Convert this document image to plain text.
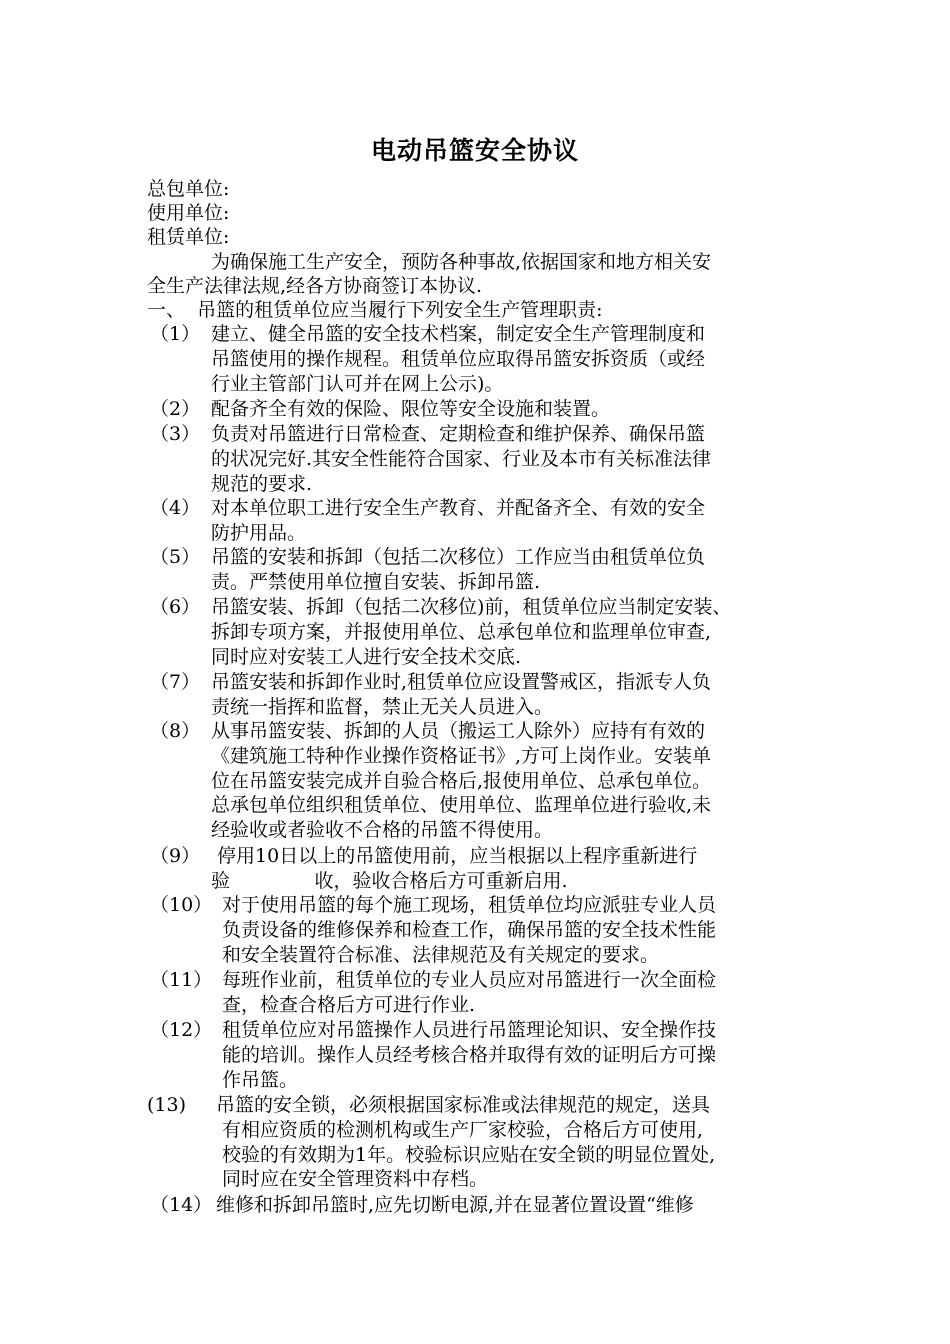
电动吊篮安全协议
总包单位:
使用单位:
租赁单位:
为确保施工生产安全，预防各种事故,依据国家和地方相关安
全生产法律法规,经各方协商签订本协议.
一、  吊篮的租赁单位应当履行下列安全生产管理职责:
（1） 建立、健全吊篮的安全技术档案，制定安全生产管理制度和
吊篮使用的操作规程。租赁单位应取得吊篮安拆资质（或经
行业主管部门认可并在网上公示)。
（2） 配备齐全有效的保险、限位等安全设施和装置。
（3） 负责对吊篮进行日常检查、定期检查和维护保养、确保吊篮
的状况完好.其安全性能符合国家、行业及本市有关标准法律
规范的要求.
（4） 对本单位职工进行安全生产教育、并配备齐全、有效的安全
防护用品。
（5） 吊篮的安装和拆卸（包括二次移位）工作应当由租赁单位负
责。严禁使用单位擅自安装、拆卸吊篮.
（6） 吊篮安装、拆卸（包括二次移位)前，租赁单位应当制定安装、
拆卸专项方案，并报使用单位、总承包单位和监理单位审查,
同时应对安装工人进行安全技术交底.
（7） 吊篮安装和拆卸作业时,租赁单位应设置警戒区，指派专人负
责统一指挥和监督，禁止无关人员进入。
（8） 从事吊篮安装、拆卸的人员（搬运工人除外）应持有有效的
《建筑施工特种作业操作资格证书》,方可上岗作业。安装单
位在吊篮安装完成并自验合格后,报使用单位、总承包单位。
总承包单位组织租赁单位、使用单位、监理单位进行验收,未
经验收或者验收不合格的吊篮不得使用。
（9） 停用10日以上的吊篮使用前，应当根据以上程序重新进行
验              收，验收合格后方可重新启用.
（10） 对于使用吊篮的每个施工现场，租赁单位均应派驻专业人员
负责设备的维修保养和检查工作，确保吊篮的安全技术性能
和安全装置符合标准、法律规范及有关规定的要求。
（11） 每班作业前，租赁单位的专业人员应对吊篮进行一次全面检
查，检查合格后方可进行作业.
（12） 租赁单位应对吊篮操作人员进行吊篮理论知识、安全操作技
能的培训。操作人员经考核合格并取得有效的证明后方可操
作吊篮。
(13) 吊篮的安全锁，必须根据国家标准或法律规范的规定，送具
有相应资质的检测机构或生产厂家校验，合格后方可使用,
校验的有效期为1年。校验标识应贴在安全锁的明显位置处,
同时应在安全管理资料中存档。
（14） 维修和拆卸吊篮时,应先切断电源,并在显著位置设置“维修
